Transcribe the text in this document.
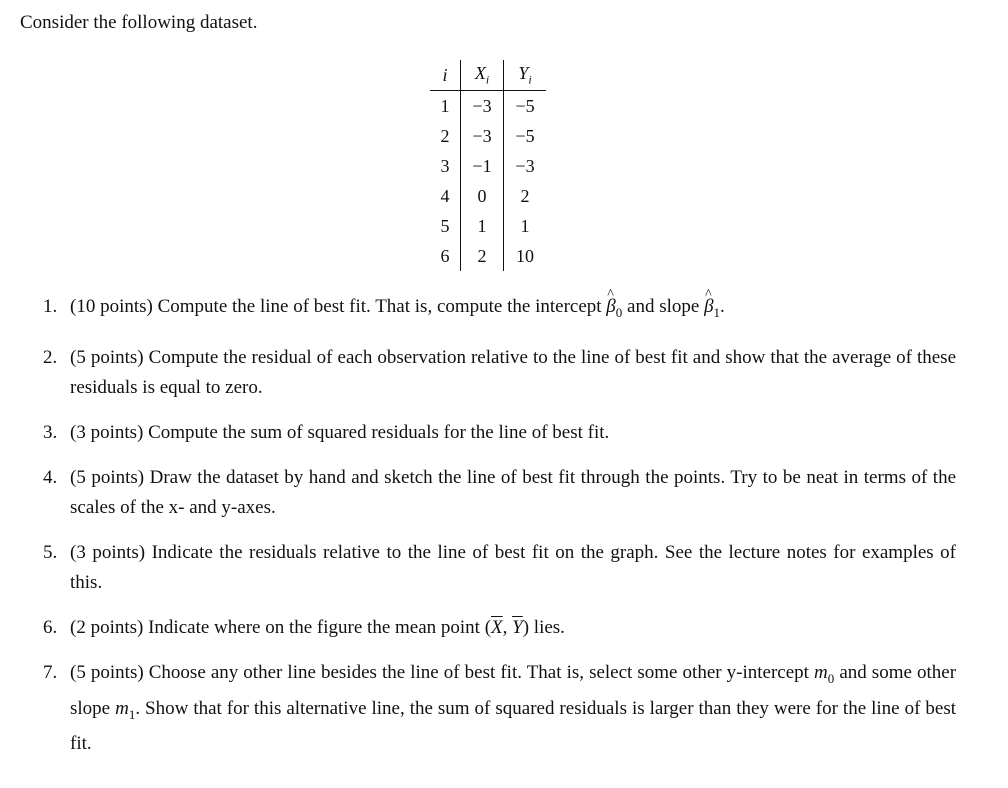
Consider the following dataset.
i	$X_i$	$Y_i$
1	−3	−5
2	−3	−5
3	−1	−3
4	0	2
5	1	1
6	2	10
1. (10 points) Compute the line of best fit. That is, compute the intercept ^ $\beta_0$ and slope ^ $\beta_1$.
2. (5 points) Compute the residual of each observation relative to the line of best fit and show that the average of these residuals is equal to zero.
3. (3 points) Compute the sum of squared residuals for the line of best fit.
4. (5 points) Draw the dataset by hand and sketch the line of best fit through the points. Try to be neat in terms of the scales of the x- and y-axes.
5. (3 points) Indicate the residuals relative to the line of best fit on the graph. See the lecture notes for examples of this.
6. (2 points) Indicate where on the figure the mean point ($\overline{X}$, $\overline{Y}$) lies.
7. (5 points) Choose any other line besides the line of best fit. That is, select some other y-intercept $m_0$ and some other slope $m_1$. Show that for this alternative line, the sum of squared residuals is larger than they were for the line of best fit.
